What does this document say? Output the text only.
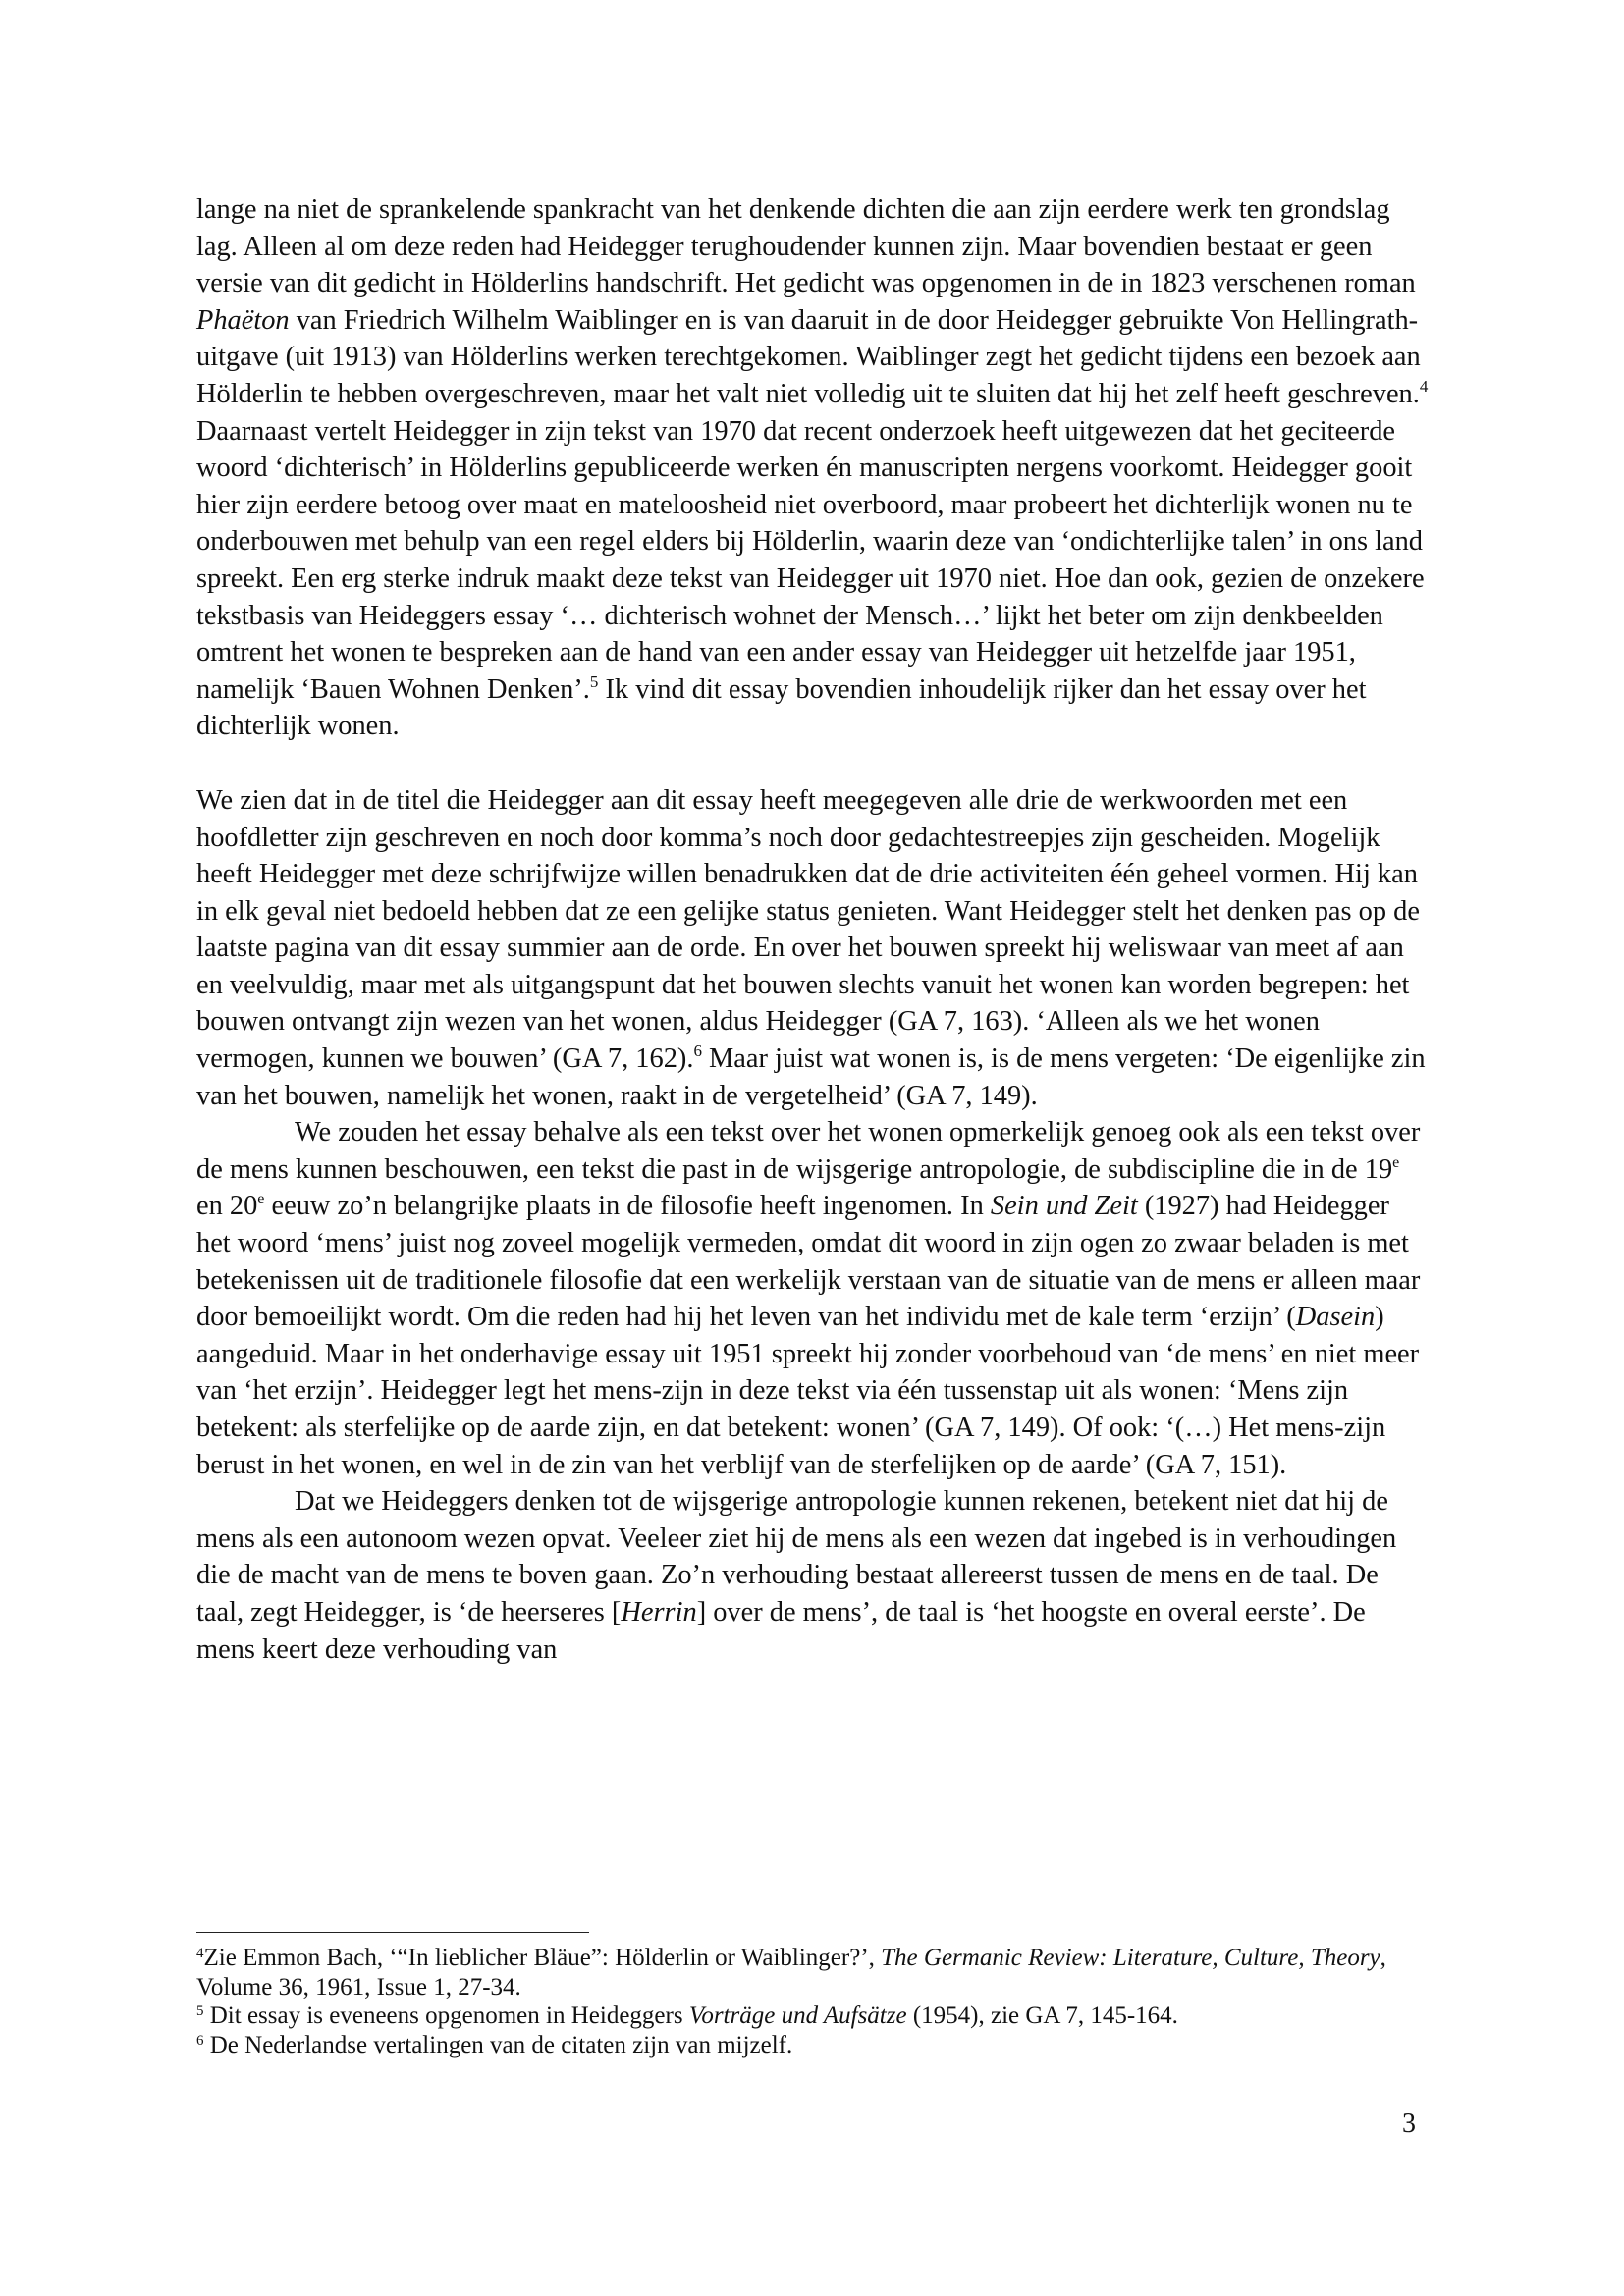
lange na niet de sprankelende spankracht van het denkende dichten die aan zijn eerdere werk ten grondslag lag. Alleen al om deze reden had Heidegger terughoudender kunnen zijn. Maar bovendien bestaat er geen versie van dit gedicht in Hölderlins handschrift. Het gedicht was opgenomen in de in 1823 verschenen roman Phaëton van Friedrich Wilhelm Waiblinger en is van daaruit in de door Heidegger gebruikte Von Hellingrath-uitgave (uit 1913) van Hölderlins werken terechtgekomen. Waiblinger zegt het gedicht tijdens een bezoek aan Hölderlin te hebben overgeschreven, maar het valt niet volledig uit te sluiten dat hij het zelf heeft geschreven.$^4$ Daarnaast vertelt Heidegger in zijn tekst van 1970 dat recent onderzoek heeft uitgewezen dat het geciteerde woord ‘dichterisch’ in Hölderlins gepubliceerde werken én manuscripten nergens voorkomt. Heidegger gooit hier zijn eerdere betoog over maat en mateloosheid niet overboord, maar probeert het dichterlijk wonen nu te onderbouwen met behulp van een regel elders bij Hölderlin, waarin deze van ‘ondichterlijke talen’ in ons land spreekt. Een erg sterke indruk maakt deze tekst van Heidegger uit 1970 niet. Hoe dan ook, gezien de onzekere tekstbasis van Heideggers essay ‘… dichterisch wohnet der Mensch…’ lijkt het beter om zijn denkbeelden omtrent het wonen te bespreken aan de hand van een ander essay van Heidegger uit hetzelfde jaar 1951, namelijk ‘Bauen Wohnen Denken’.$^5$ Ik vind dit essay bovendien inhoudelijk rijker dan het essay over het dichterlijk wonen.

We zien dat in de titel die Heidegger aan dit essay heeft meegegeven alle drie de werkwoorden met een hoofdletter zijn geschreven en noch door komma’s noch door gedachtestreepjes zijn gescheiden. Mogelijk heeft Heidegger met deze schrijfwijze willen benadrukken dat de drie activiteiten één geheel vormen. Hij kan in elk geval niet bedoeld hebben dat ze een gelijke status genieten. Want Heidegger stelt het denken pas op de laatste pagina van dit essay summier aan de orde. En over het bouwen spreekt hij weliswaar van meet af aan en veelvuldig, maar met als uitgangspunt dat het bouwen slechts vanuit het wonen kan worden begrepen: het bouwen ontvangt zijn wezen van het wonen, aldus Heidegger (GA 7, 163). ‘Alleen als we het wonen vermogen, kunnen we bouwen’ (GA 7, 162).$^6$ Maar juist wat wonen is, is de mens vergeten: ‘De eigenlijke zin van het bouwen, namelijk het wonen, raakt in de vergetelheid’ (GA 7, 149).

We zouden het essay behalve als een tekst over het wonen opmerkelijk genoeg ook als een tekst over de mens kunnen beschouwen, een tekst die past in de wijsgerige antropologie, de subdiscipline die in de 19e en 20e eeuw zo’n belangrijke plaats in de filosofie heeft ingenomen. In Sein und Zeit (1927) had Heidegger het woord ‘mens’ juist nog zoveel mogelijk vermeden, omdat dit woord in zijn ogen zo zwaar beladen is met betekenissen uit de traditionele filosofie dat een werkelijk verstaan van de situatie van de mens er alleen maar door bemoeilijkt wordt. Om die reden had hij het leven van het individu met de kale term ‘erzijn’ (Dasein) aangeduid. Maar in het onderhavige essay uit 1951 spreekt hij zonder voorbehoud van ‘de mens’ en niet meer van ‘het erzijn’. Heidegger legt het mens-zijn in deze tekst via één tussenstap uit als wonen: ‘Mens zijn betekent: als sterfelijke op de aarde zijn, en dat betekent: wonen’ (GA 7, 149). Of ook: ‘(…) Het mens-zijn berust in het wonen, en wel in de zin van het verblijf van de sterfelijken op de aarde’ (GA 7, 151).

Dat we Heideggers denken tot de wijsgerige antropologie kunnen rekenen, betekent niet dat hij de mens als een autonoom wezen opvat. Veeleer ziet hij de mens als een wezen dat ingebed is in verhoudingen die de macht van de mens te boven gaan. Zo’n verhouding bestaat allereerst tussen de mens en de taal. De taal, zegt Heidegger, is ‘de heerseres [Herrin] over de mens’, de taal is ‘het hoogste en overal eerste’. De mens keert deze verhouding van

$^4$Zie Emmon Bach, ‘“In lieblicher Bläue”: Hölderlin or Waiblinger?’, The Germanic Review: Literature, Culture, Theory, Volume 36, 1961, Issue 1, 27-34.

$^5$ Dit essay is eveneens opgenomen in Heideggers Vorträge und Aufsätze (1954), zie GA 7, 145-164.

$^6$ De Nederlandse vertalingen van de citaten zijn van mijzelf.

3
